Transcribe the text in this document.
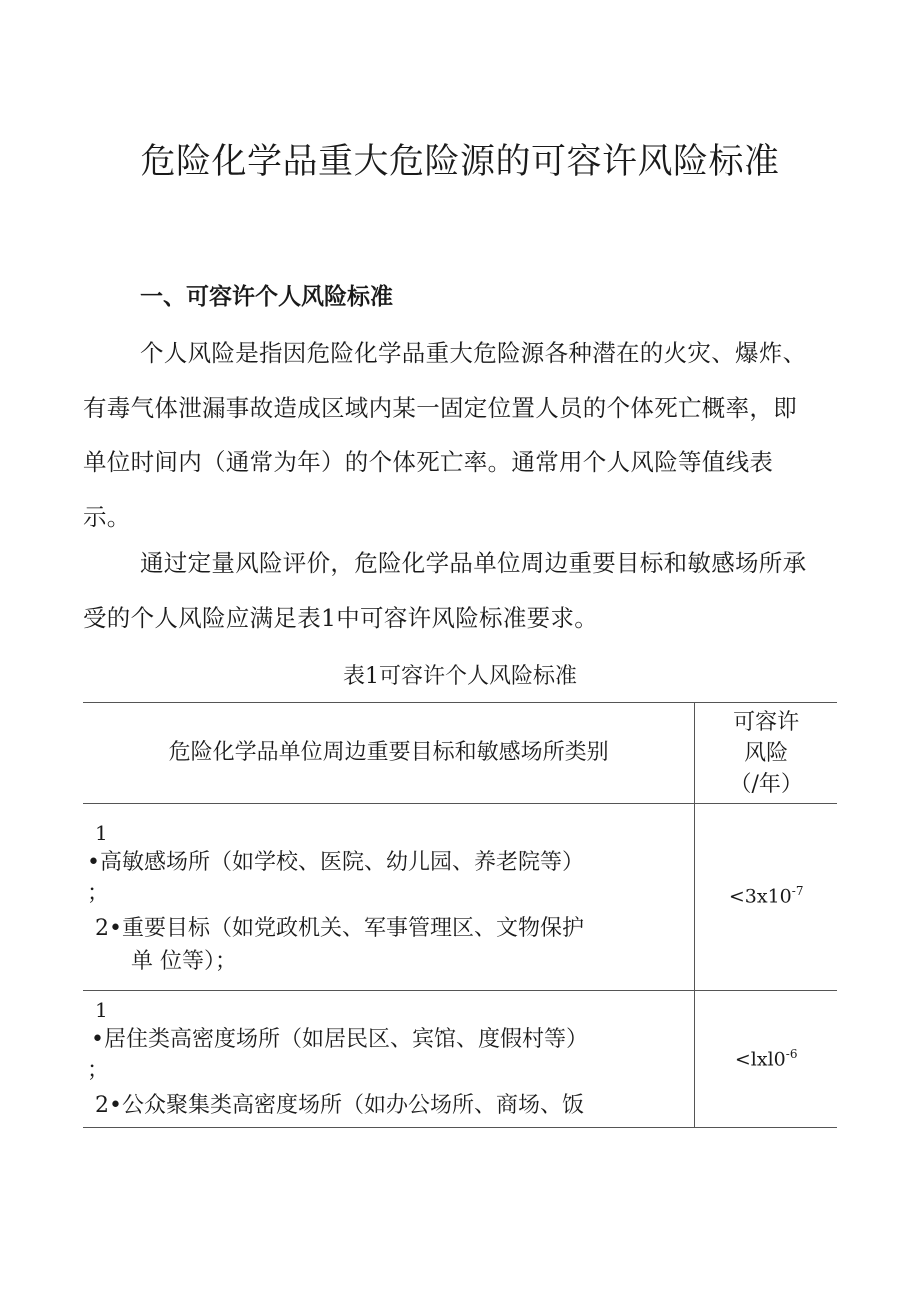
危险化学品重大危险源的可容许风险标准
一、可容许个人风险标准

个人风险是指因危险化学品重大危险源各种潜在的火灾、爆炸、有毒气体泄漏事故造成区域内某一固定位置人员的个体死亡概率，即单位时间内（通常为年）的个体死亡率。通常用个人风险等值线表示。

通过定量风险评价，危险化学品单位周边重要目标和敏感场所承受的个人风险应满足表1中可容许风险标准要求。

表1可容许个人风险标准
危险化学品单位周边重要目标和敏感场所类别	可容许
风险
（/年）

1
•高敏感场所（如学校、医院、幼儿园、养老院等）
；
2•重要目标（如党政机关、军事管理区、文物保护
单 位等）；	$<3x10^{-7}$

1
•居住类高密度场所（如居民区、宾馆、度假村等）
；
2•公众聚集类高密度场所（如办公场所、商场、饭	$<lxl0^{-6}$
